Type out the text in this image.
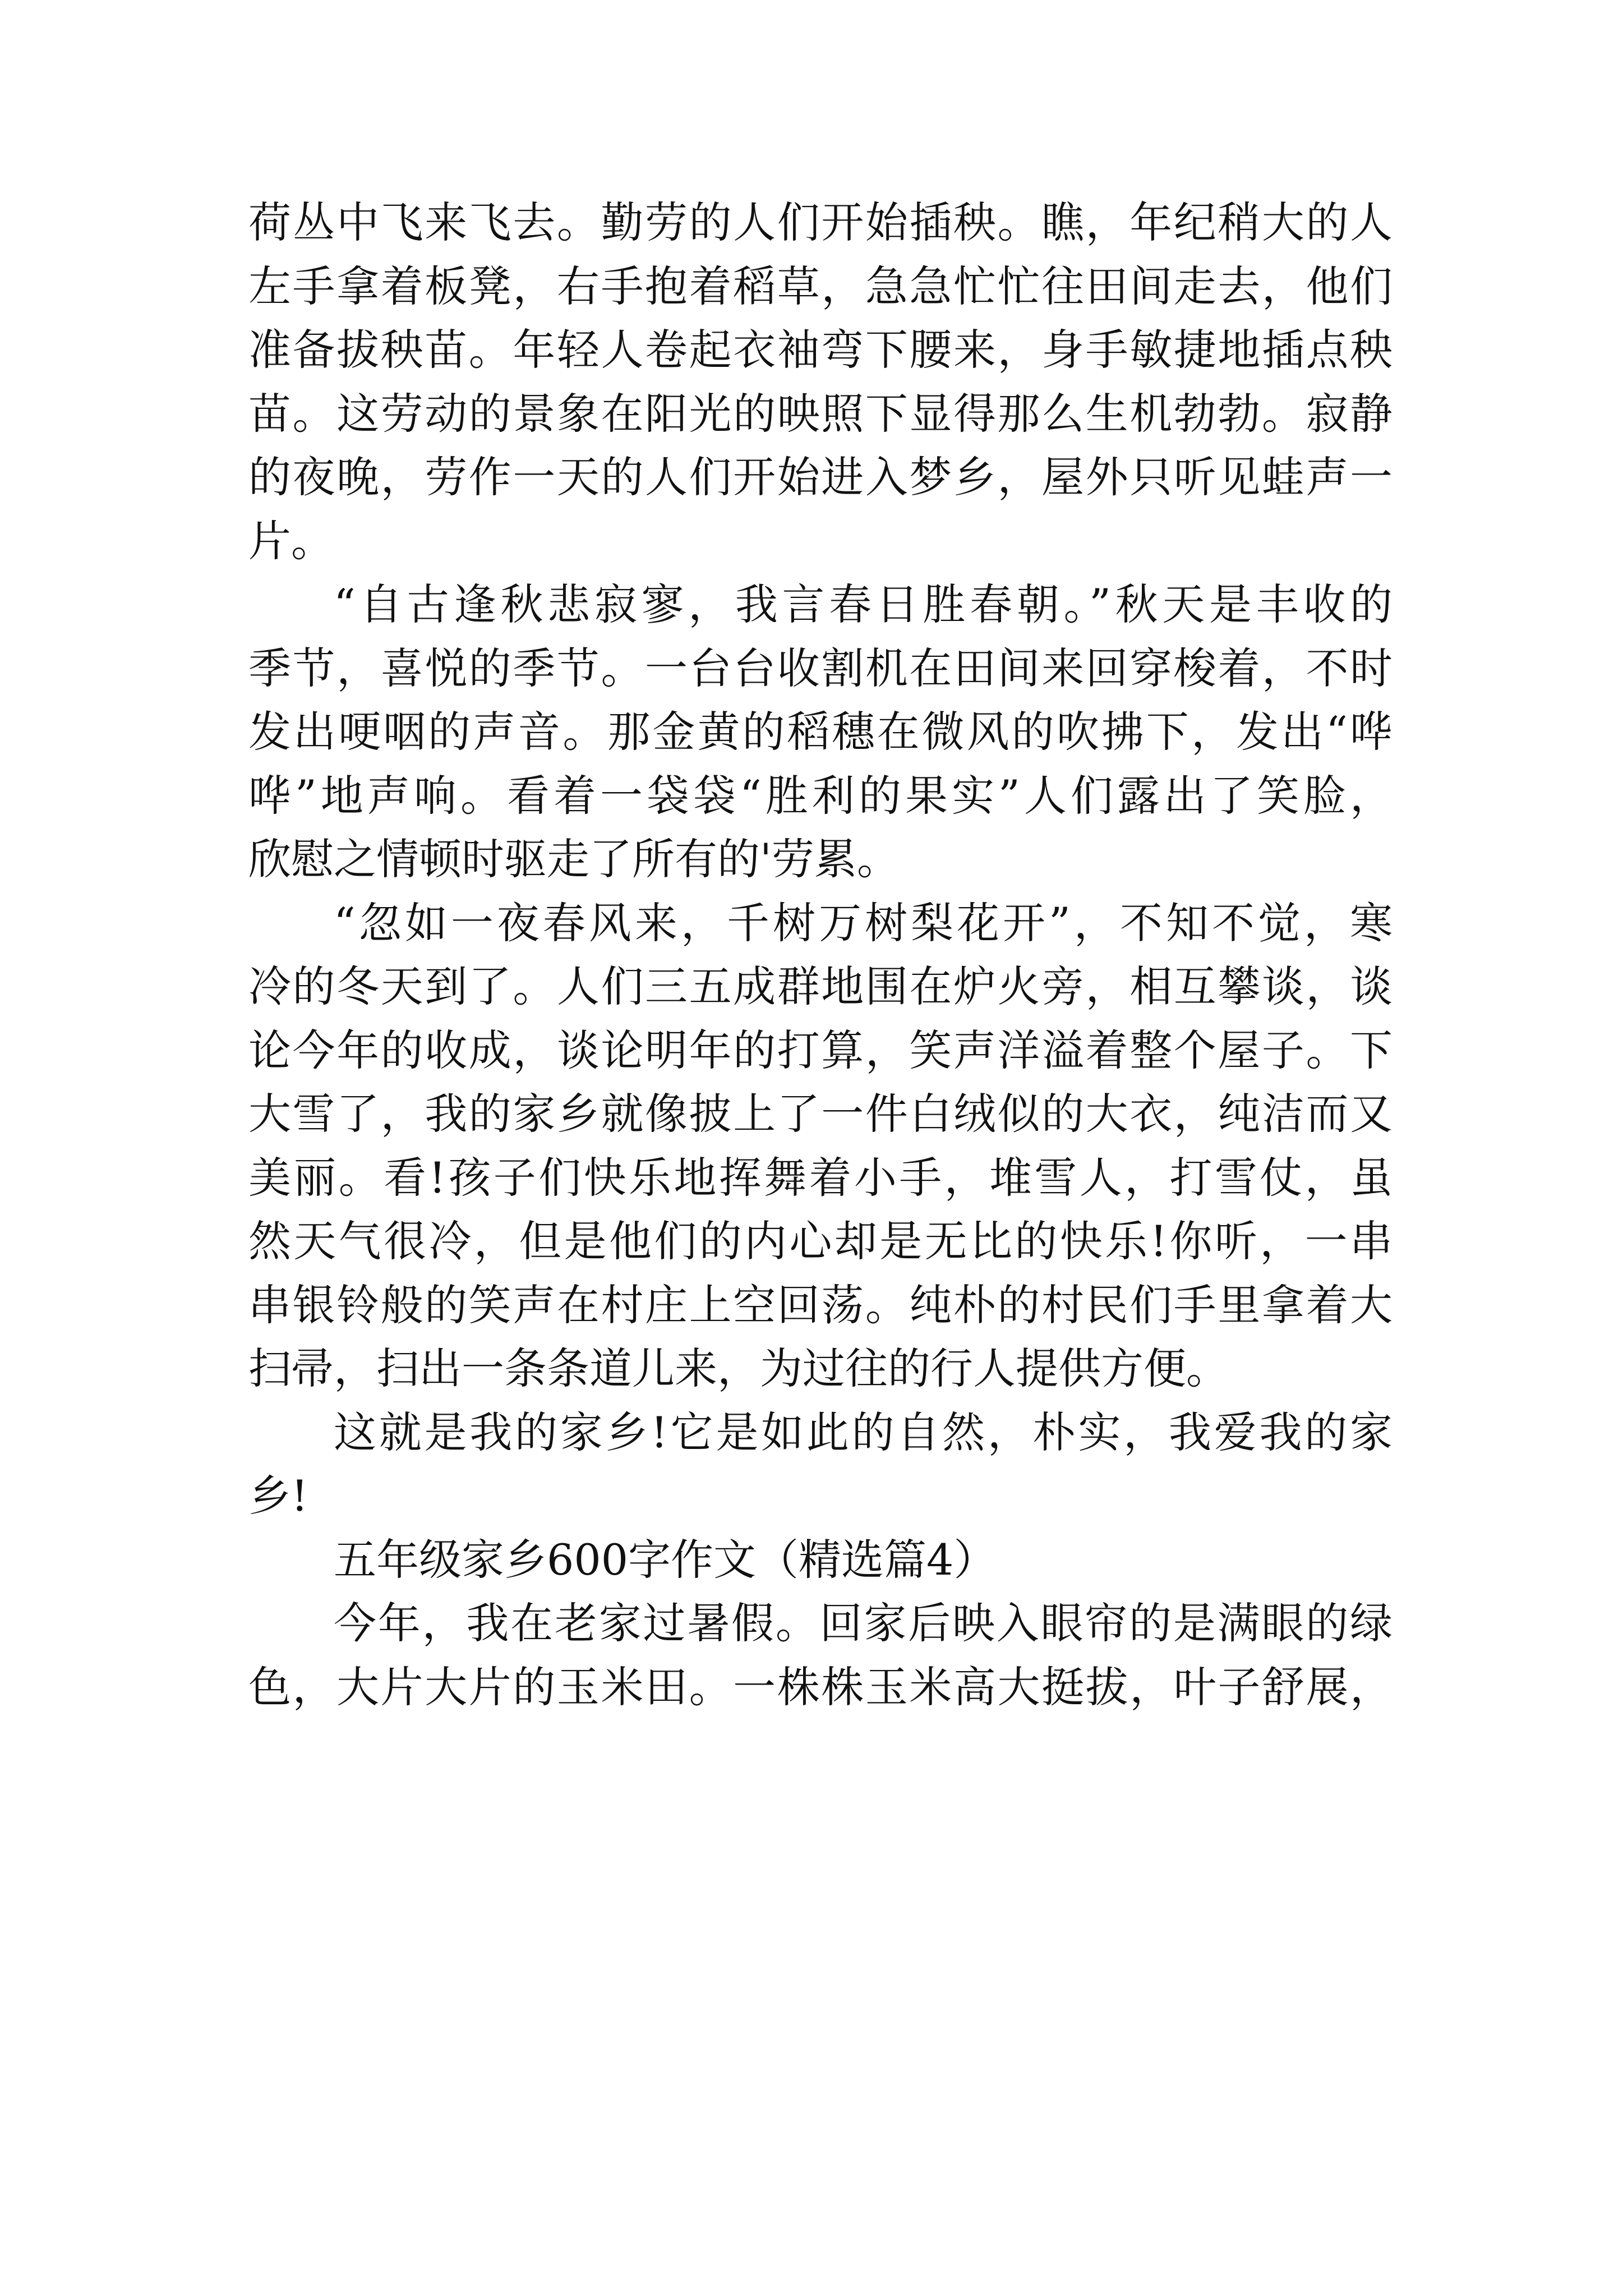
荷丛中飞来飞去。勤劳的人们开始插秧。瞧，年纪稍大的人
左手拿着板凳，右手抱着稻草，急急忙忙往田间走去，他们
准备拔秧苗。年轻人卷起衣袖弯下腰来，身手敏捷地插点秧
苗。这劳动的景象在阳光的映照下显得那么生机勃勃。寂静
的夜晚，劳作一天的人们开始进入梦乡，屋外只听见蛙声一
片。
“自古逢秋悲寂寥，我言春日胜春朝。”秋天是丰收的
季节，喜悦的季节。一台台收割机在田间来回穿梭着，不时
发出哽咽的声音。那金黄的稻穗在微风的吹拂下，发出“哗
哗”地声响。看着一袋袋“胜利的果实”人们露出了笑脸，
欣慰之情顿时驱走了所有的'劳累。
“忽如一夜春风来，千树万树梨花开”，不知不觉，寒
冷的冬天到了。人们三五成群地围在炉火旁，相互攀谈，谈
论今年的收成，谈论明年的打算，笑声洋溢着整个屋子。下
大雪了，我的家乡就像披上了一件白绒似的大衣，纯洁而又
美丽。看!孩子们快乐地挥舞着小手，堆雪人，打雪仗，虽
然天气很冷，但是他们的内心却是无比的快乐!你听，一串
串银铃般的笑声在村庄上空回荡。纯朴的村民们手里拿着大
扫帚，扫出一条条道儿来，为过往的行人提供方便。
这就是我的家乡!它是如此的自然，朴实，我爱我的家
乡!
五年级家乡600字作文（精选篇4）
今年，我在老家过暑假。回家后映入眼帘的是满眼的绿
色，大片大片的玉米田。一株株玉米高大挺拔，叶子舒展，
